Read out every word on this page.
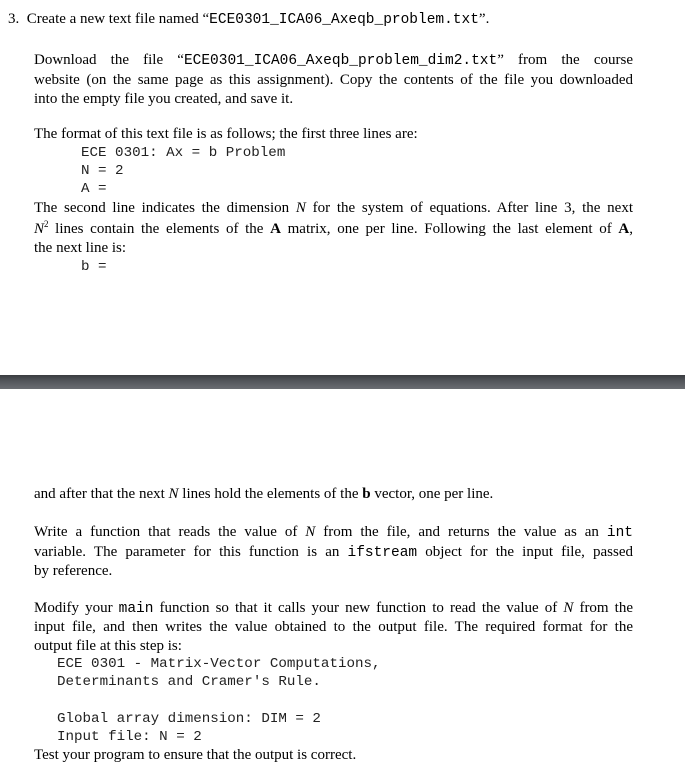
3. Create a new text file named “ECE0301_ICA06_Axeqb_problem.txt”.
Download the file “ECE0301_ICA06_Axeqb_problem_dim2.txt” from the course
website (on the same page as this assignment). Copy the contents of the file you downloaded
into the empty file you created, and save it.
The format of this text file is as follows; the first three lines are:
ECE 0301: Ax = b Problem
N = 2
A =
The second line indicates the dimension N for the system of equations. After line 3, the next
$N^2$ lines contain the elements of the A matrix, one per line. Following the last element of A,
the next line is:
b =
and after that the next N lines hold the elements of the b vector, one per line.
Write a function that reads the value of N from the file, and returns the value as an int
variable. The parameter for this function is an ifstream object for the input file, passed
by reference.
Modify your main function so that it calls your new function to read the value of N from the
input file, and then writes the value obtained to the output file. The required format for the
output file at this step is:
ECE 0301 - Matrix-Vector Computations,
Determinants and Cramer's Rule.
Global array dimension: DIM = 2
Input file: N = 2
Test your program to ensure that the output is correct.
